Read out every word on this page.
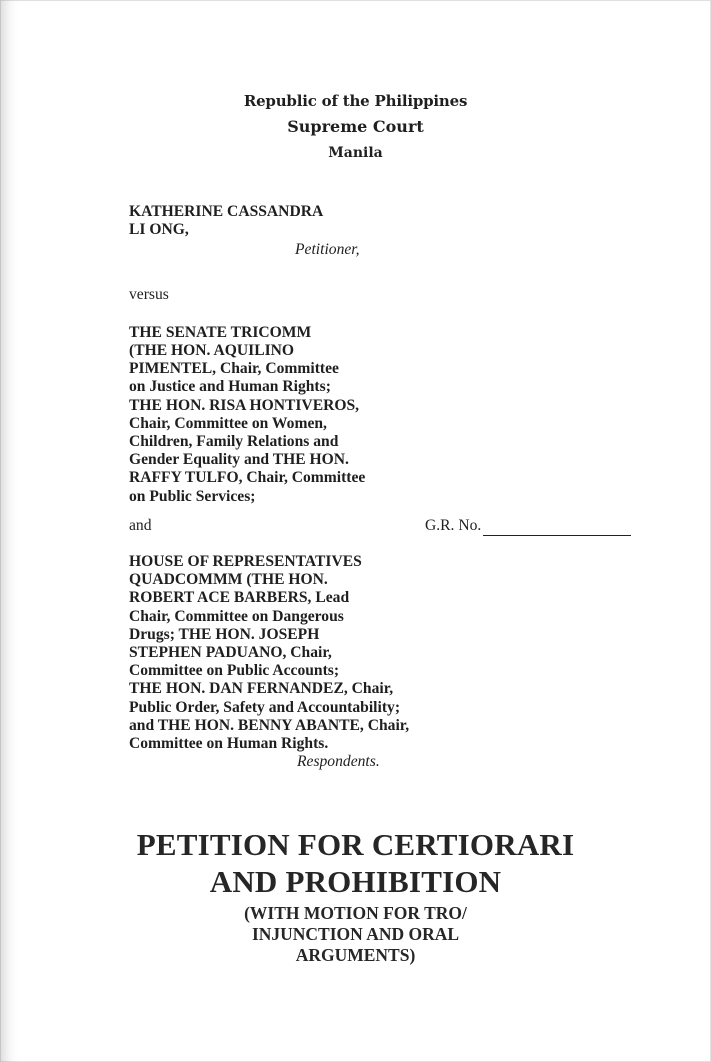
Republic of the Philippines
Supreme Court
Manila
KATHERINE CASSANDRA
LI ONG,
Petitioner,
versus
THE SENATE TRICOMM
(THE HON. AQUILINO
PIMENTEL, Chair, Committee
on Justice and Human Rights;
THE HON. RISA HONTIVEROS,
Chair, Committee on Women,
Children, Family Relations and
Gender Equality and THE HON.
RAFFY TULFO, Chair, Committee
on Public Services;
and	G.R. No.
HOUSE OF REPRESENTATIVES
QUADCOMMM (THE HON.
ROBERT ACE BARBERS, Lead
Chair, Committee on Dangerous
Drugs; THE HON. JOSEPH
STEPHEN PADUANO, Chair,
Committee on Public Accounts;
THE HON. DAN FERNANDEZ, Chair,
Public Order, Safety and Accountability;
and THE HON. BENNY ABANTE, Chair,
Committee on Human Rights.
Respondents.
PETITION FOR CERTIORARI
AND PROHIBITION
(WITH MOTION FOR TRO/
INJUNCTION AND ORAL
ARGUMENTS)
